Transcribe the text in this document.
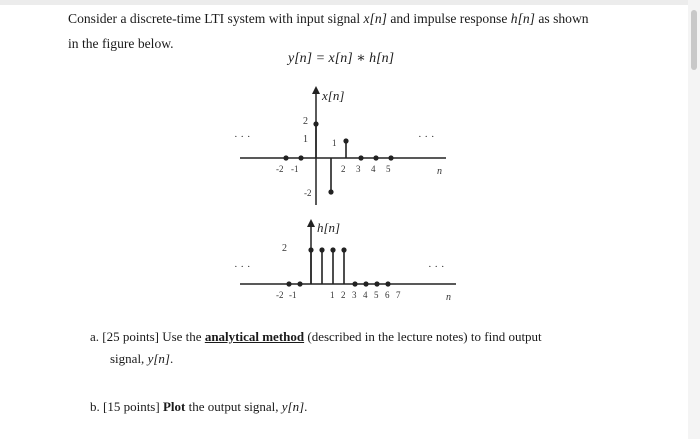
Consider a discrete-time LTI system with input signal x[n] and impulse response h[n] as shown
in the figure below.
y[n] = x[n] ∗ h[n]
· · ·	· · ·
x[n]
2
1
-2 -1	2 3 4 5
1
-2
n
· · ·	· · ·
h[n]
2
-2 -1	1 2 3 4 5 6 7	n
a. [25 points] Use the analytical method (described in the lecture notes) to find output
signal, y[n].
b. [15 points] Plot the output signal, y[n].
